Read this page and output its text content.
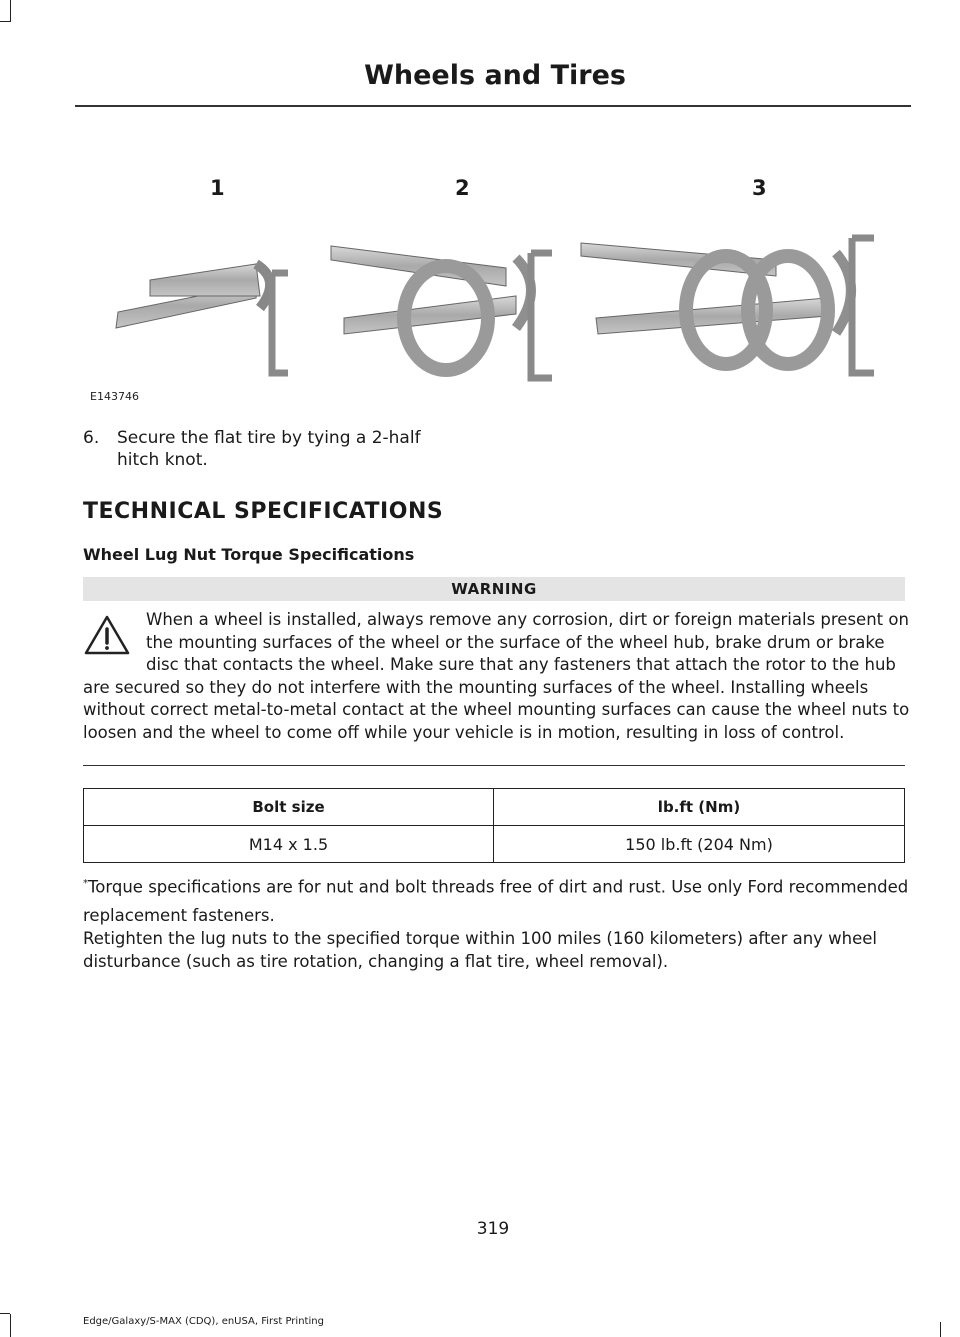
Wheels and Tires
1	2	3
E143746
6. Secure the flat tire by tying a 2-half hitch knot.
TECHNICAL SPECIFICATIONS
Wheel Lug Nut Torque Specifications
WARNING
When a wheel is installed, always remove any corrosion, dirt or foreign materials present on the mounting surfaces of the wheel or the surface of the wheel hub, brake drum or brake disc that contacts the wheel. Make sure that any fasteners that attach the rotor to the hub are secured so they do not interfere with the mounting surfaces of the wheel. Installing wheels without correct metal-to-metal contact at the wheel mounting surfaces can cause the wheel nuts to loosen and the wheel to come off while your vehicle is in motion, resulting in loss of control.
Bolt size	lb.ft (Nm)
M14 x 1.5	150 lb.ft (204 Nm)
*Torque specifications are for nut and bolt threads free of dirt and rust. Use only Ford recommended replacement fasteners.
Retighten the lug nuts to the specified torque within 100 miles (160 kilometers) after any wheel disturbance (such as tire rotation, changing a flat tire, wheel removal).
319
Edge/Galaxy/S-MAX (CDQ), enUSA, First Printing
